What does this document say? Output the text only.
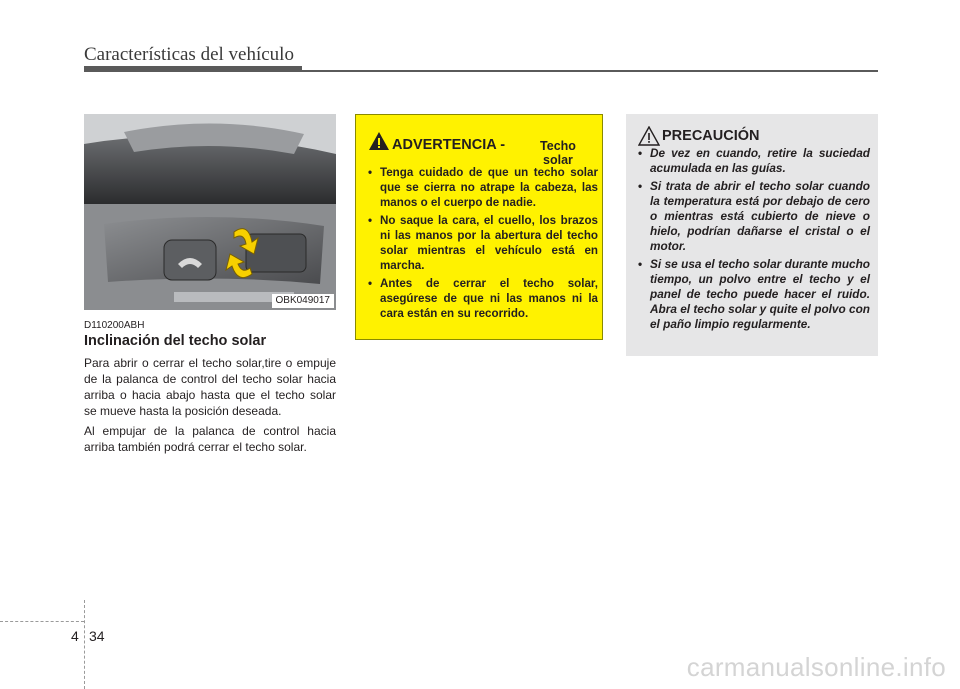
Características del vehículo
OBK049017
D110200ABH
Inclinación del techo solar

Para abrir o cerrar el techo solar,tire o empuje de la palanca de control del techo solar hacia arriba o hacia abajo hasta que el techo solar se mueve hasta la posición deseada.

Al empujar de la palanca de control hacia arriba también podrá cerrar el techo solar.

ADVERTENCIA -	Techo solar
• Tenga cuidado de que un techo solar que se cierra no atrape la cabeza, las manos o el cuerpo de nadie.
• No saque la cara, el cuello, los brazos ni las manos por la abertura del techo solar mientras el vehículo está en marcha.
• Antes de cerrar el techo solar, asegúrese de que ni las manos ni la cara están en su recorrido.
PRECAUCIÓN
• De vez en cuando, retire la suciedad acumulada en las guías.
• Si trata de abrir el techo solar cuando la temperatura está por debajo de cero o mientras está cubierto de nieve o hielo, podrían dañarse el cristal o el motor.
• Si se usa el techo solar durante mucho tiempo, un polvo entre el techo y el panel de techo puede hacer el ruido. Abra el techo solar y quite el polvo con el paño limpio regularmente.
4 34
carmanualsonline.info
